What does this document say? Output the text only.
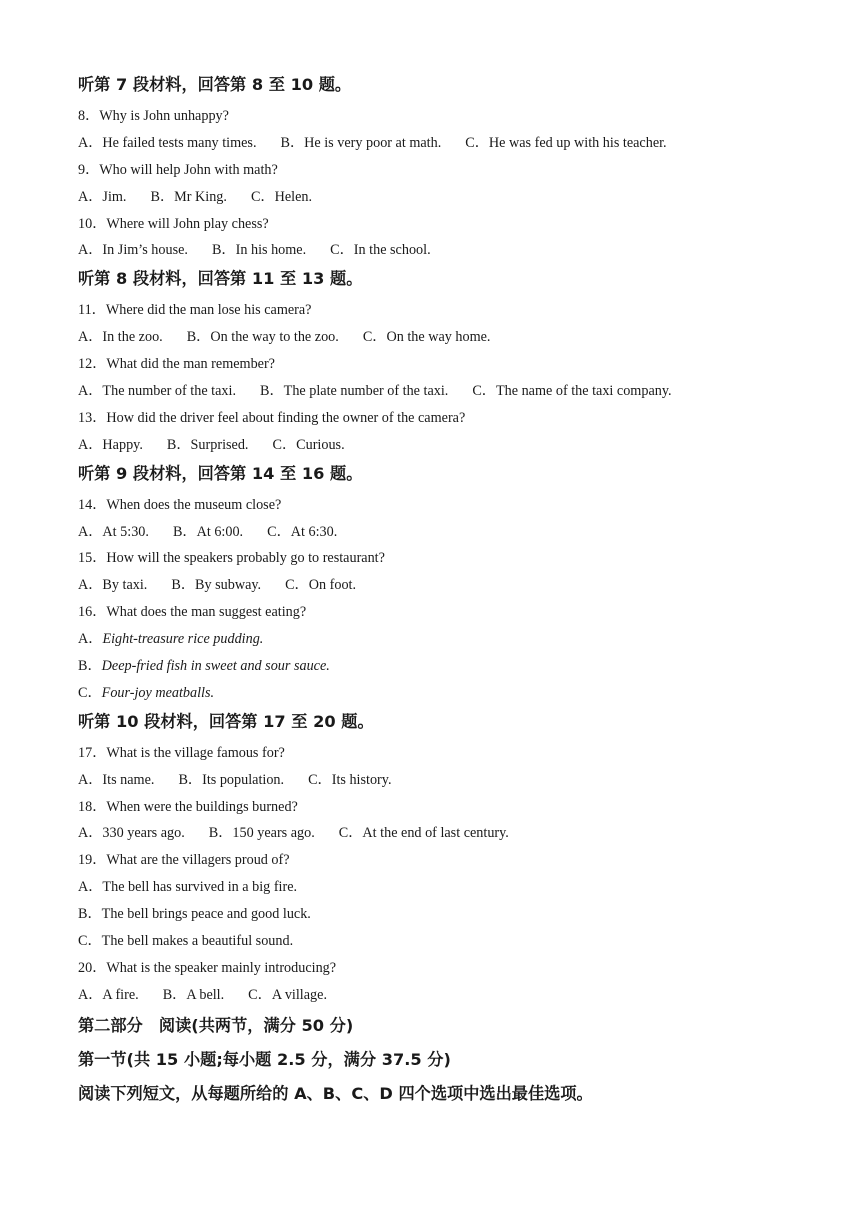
听第 7 段材料，回答第 8 至 10 题。
8．Why is John unhappy?
A．He failed tests many times. B．He is very poor at math. C．He was fed up with his teacher.
9．Who will help John with math?
A．Jim. B．Mr King. C．Helen.
10．Where will John play chess?
A．In Jim’s house. B．In his home. C．In the school.
听第 8 段材料，回答第 11 至 13 题。
11．Where did the man lose his camera?
A．In the zoo. B．On the way to the zoo. C．On the way home.
12．What did the man remember?
A．The number of the taxi. B．The plate number of the taxi. C．The name of the taxi company.
13．How did the driver feel about finding the owner of the camera?
A．Happy. B．Surprised. C．Curious.
听第 9 段材料，回答第 14 至 16 题。
14．When does the museum close?
A．At 5:30. B．At 6:00. C．At 6:30.
15．How will the speakers probably go to restaurant?
A．By taxi. B．By subway. C．On foot.
16．What does the man suggest eating?
A．Eight-treasure rice pudding.
B．Deep-fried fish in sweet and sour sauce.
C．Four-joy meatballs.
听第 10 段材料，回答第 17 至 20 题。
17．What is the village famous for?
A．Its name. B．Its population. C．Its history.
18．When were the buildings burned?
A．330 years ago. B．150 years ago. C．At the end of last century.
19．What are the villagers proud of?
A．The bell has survived in a big fire.
B．The bell brings peace and good luck.
C．The bell makes a beautiful sound.
20．What is the speaker mainly introducing?
A．A fire. B．A bell. C．A village.
第二部分　阅读(共两节，满分 50 分)
第一节(共 15 小题;每小题 2.5 分，满分 37.5 分)
阅读下列短文，从每题所给的 A、B、C、D 四个选项中选出最佳选项。
